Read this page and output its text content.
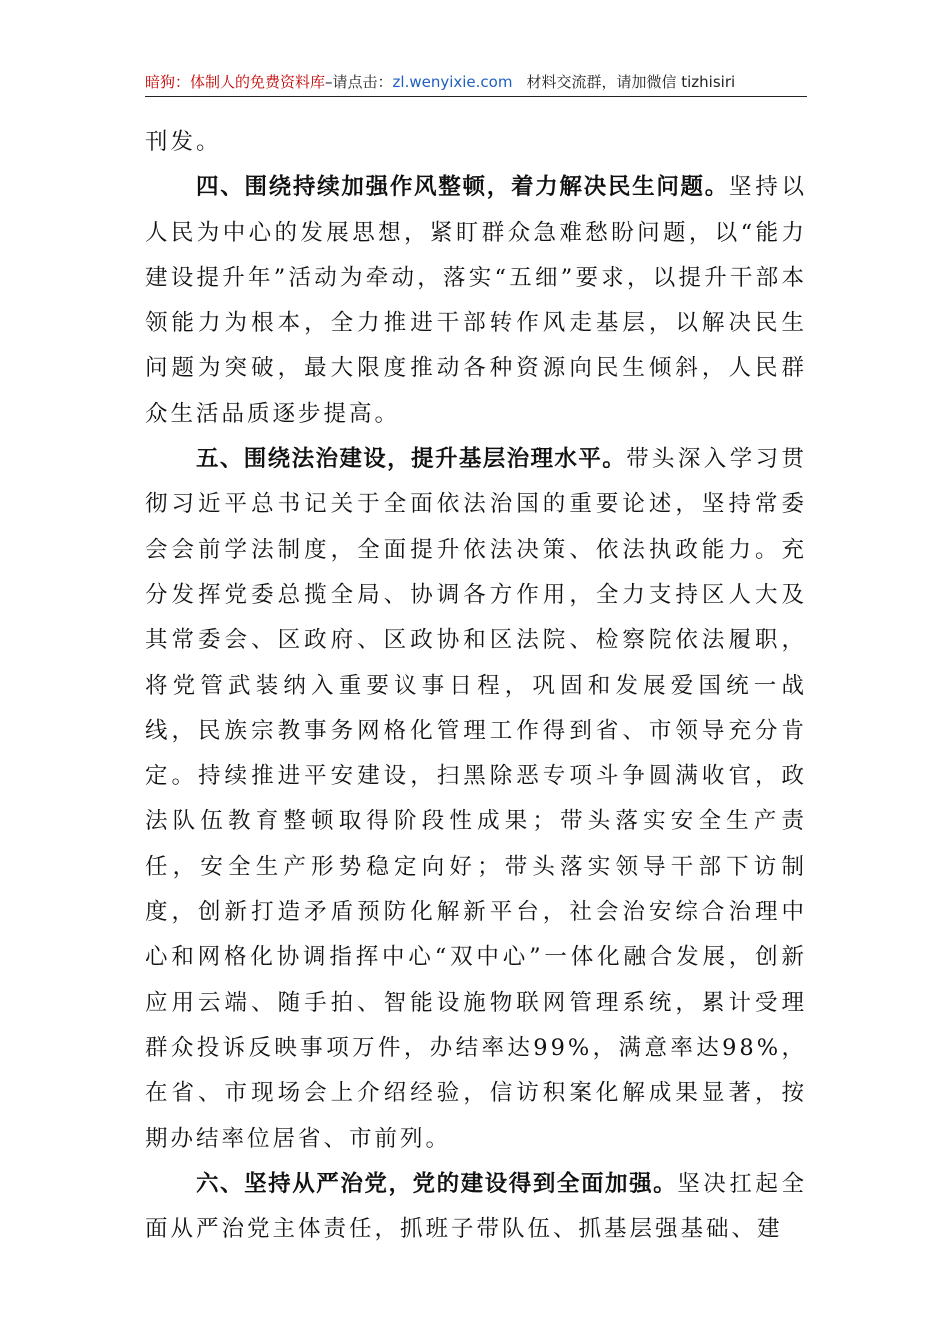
暗狗：体制人的免费资料库–请点击：zl.wenyixie.com 材料交流群，请加微信 tizhisiri

刊发。

四、围绕持续加强作风整顿，着力解决民生问题。坚持以人民为中心的发展思想，紧盯群众急难愁盼问题，以“能力建设提升年”活动为牵动，落实“五细”要求，以提升干部本领能力为根本，全力推进干部转作风走基层，以解决民生问题为突破，最大限度推动各种资源向民生倾斜，人民群众生活品质逐步提高。

五、围绕法治建设，提升基层治理水平。带头深入学习贯彻习近平总书记关于全面依法治国的重要论述，坚持常委会会前学法制度，全面提升依法决策、依法执政能力。充分发挥党委总揽全局、协调各方作用，全力支持区人大及其常委会、区政府、区政协和区法院、检察院依法履职，将党管武装纳入重要议事日程，巩固和发展爱国统一战线，民族宗教事务网格化管理工作得到省、市领导充分肯定。持续推进平安建设，扫黑除恶专项斗争圆满收官，政法队伍教育整顿取得阶段性成果；带头落实安全生产责任，安全生产形势稳定向好；带头落实领导干部下访制度，创新打造矛盾预防化解新平台，社会治安综合治理中心和网格化协调指挥中心“双中心”一体化融合发展，创新应用云端、随手拍、智能设施物联网管理系统，累计受理群众投诉反映事项万件，办结率达99%，满意率达98%，在省、市现场会上介绍经验，信访积案化解成果显著，按期办结率位居省、市前列。

六、坚持从严治党，党的建设得到全面加强。坚决扛起全面从严治党主体责任，抓班子带队伍、抓基层强基础、建
